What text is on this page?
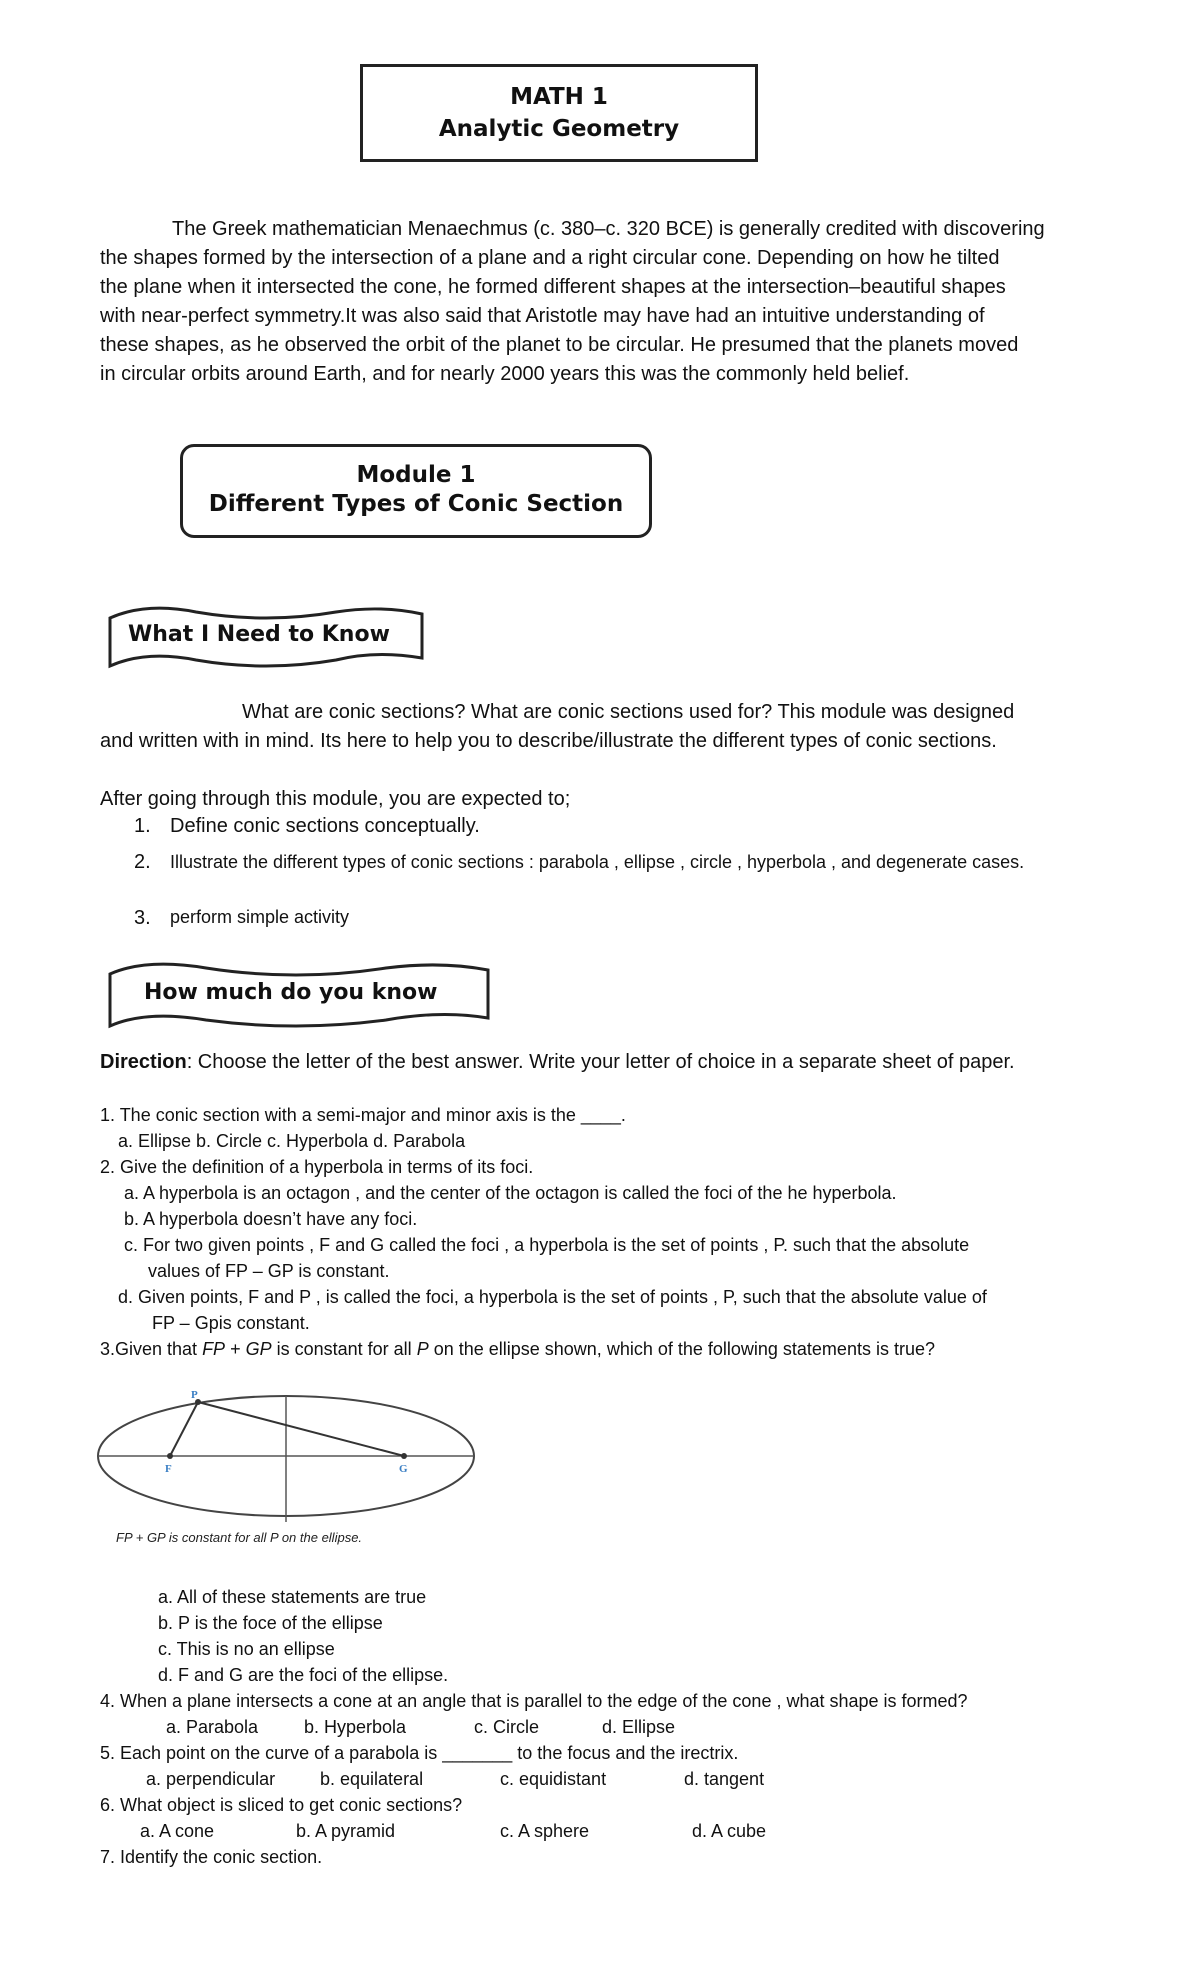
MATH 1
Analytic Geometry
The Greek mathematician Menaechmus (c. 380–c. 320 BCE) is generally credited with discovering
the shapes formed by the intersection of a plane and a right circular cone. Depending on how he tilted
the plane when it intersected the cone, he formed different shapes at the intersection–beautiful shapes
with near-perfect symmetry.It was also said that Aristotle may have had an intuitive understanding of
these shapes, as he observed the orbit of the planet to be circular. He presumed that the planets moved
in circular orbits around Earth, and for nearly 2000 years this was the commonly held belief.
Module 1
Different Types of Conic Section
What I Need to Know
What are conic sections? What are conic sections used for? This module was designed
and written with in mind. Its here to help you to describe/illustrate the different types of conic sections.
After going through this module, you are expected to;
1. Define conic sections conceptually.
2. Illustrate the different types of conic sections : parabola , ellipse , circle , hyperbola , and degenerate cases.
3. perform simple activity
How much do you know
Direction: Choose the letter of the best answer. Write your letter of choice in a separate sheet of paper.
1. The conic section with a semi-major and minor axis is the ____.
a. Ellipse b. Circle c. Hyperbola d. Parabola
2. Give the definition of a hyperbola in terms of its foci.
a. A hyperbola is an octagon , and the center of the octagon is called the foci of the he hyperbola.
b. A hyperbola doesn’t have any foci.
c. For two given points , F and G called the foci , a hyperbola is the set of points , P. such that the absolute
values of FP – GP is constant.
d. Given points, F and P , is called the foci, a hyperbola is the set of points , P, such that the absolute value of
FP – Gpis constant.
3.Given that FP + GP is constant for all P on the ellipse shown, which of the following statements is true?
P
F	G
FP + GP is constant for all P on the ellipse.
a. All of these statements are true
b. P is the foce of the ellipse
c. This is no an ellipse
d. F and G are the foci of the ellipse.
4. When a plane intersects a cone at an angle that is parallel to the edge of the cone , what shape is formed?
a. Parabola	b. Hyperbola	c. Circle	d. Ellipse
5. Each point on the curve of a parabola is _______ to the focus and the irectrix.
a. perpendicular b. equilateral	c. equidistant	d. tangent
6. What object is sliced to get conic sections?
a. A cone	b. A pyramid	c. A sphere	d. A cube
7. Identify the conic section.
